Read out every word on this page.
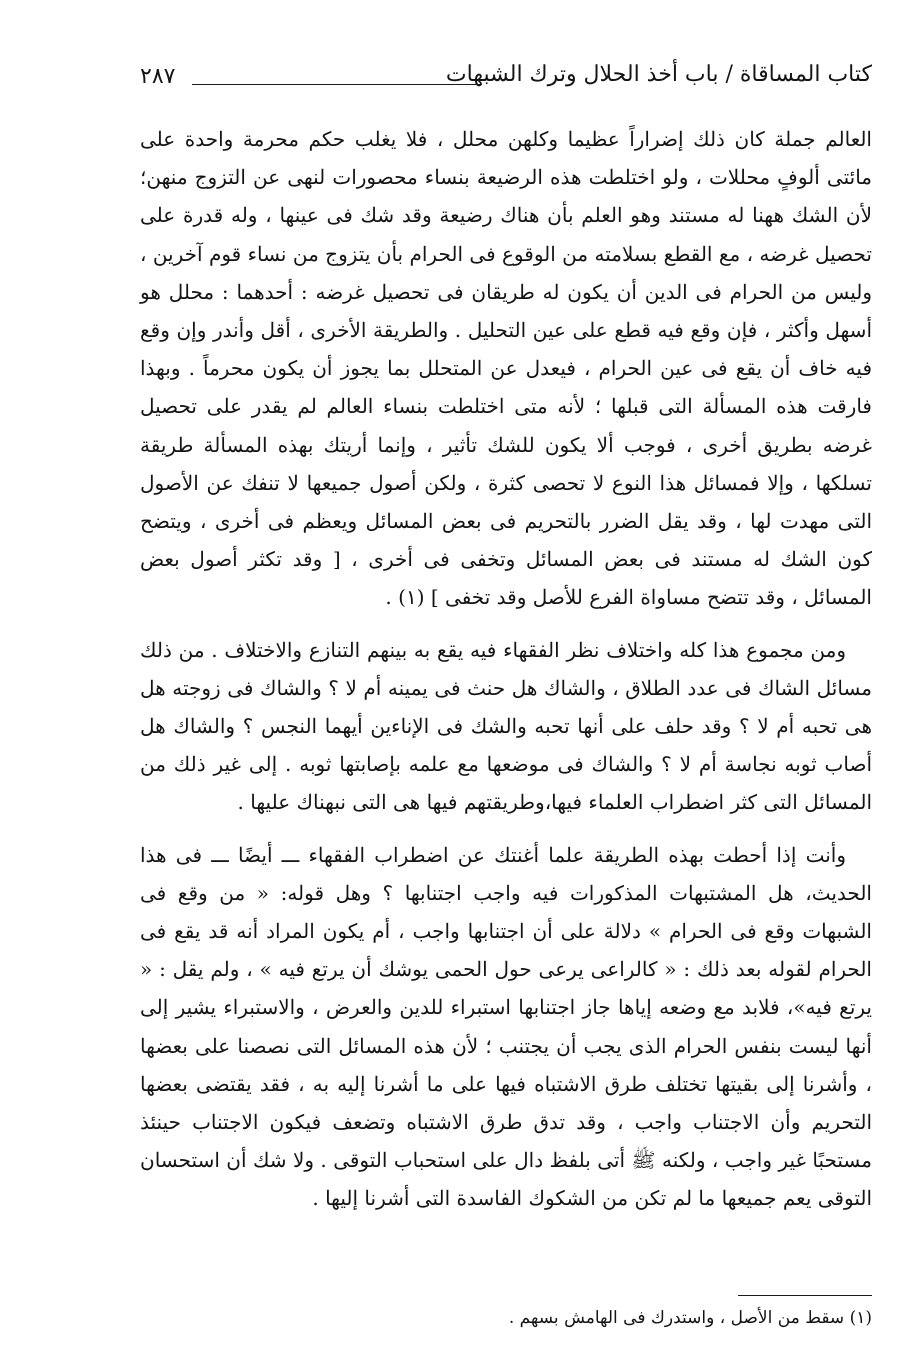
كتاب المساقاة / باب أخذ الحلال وترك الشبهات
٢٨٧

العالم جملة كان ذلك إضراراً عظيما وكلهن محلل ، فلا يغلب حكم محرمة واحدة على مائتى ألوفٍ محللات ، ولو اختلطت هذه الرضيعة بنساء محصورات لنهى عن التزوج منهن؛ لأن الشك ههنا له مستند وهو العلم بأن هناك رضيعة وقد شك فى عينها ، وله قدرة على تحصيل غرضه ، مع القطع بسلامته من الوقوع فى الحرام بأن يتزوج من نساء قوم آخرين ، وليس من الحرام فى الدين أن يكون له طريقان فى تحصيل غرضه : أحدهما : محلل هو أسهل وأكثر ، فإن وقع فيه قطع على عين التحليل . والطريقة الأخرى ، أقل وأندر وإن وقع فيه خاف أن يقع فى عين الحرام ، فيعدل عن المتحلل بما يجوز أن يكون محرماً . وبهذا فارقت هذه المسألة التى قبلها ؛ لأنه متى اختلطت بنساء العالم لم يقدر على تحصيل غرضه بطريق أخرى ، فوجب ألا يكون للشك تأثير ، وإنما أريتك بهذه المسألة طريقة تسلكها ، وإلا فمسائل هذا النوع لا تحصى كثرة ، ولكن أصول جميعها لا تنفك عن الأصول التى مهدت لها ، وقد يقل الضرر بالتحريم فى بعض المسائل ويعظم فى أخرى ، ويتضح كون الشك له مستند فى بعض المسائل وتخفى فى أخرى ، [ وقد تكثر أصول بعض المسائل ، وقد تتضح مساواة الفرع للأصل وقد تخفى ] (١) .

ومن مجموع هذا كله واختلاف نظر الفقهاء فيه يقع به بينهم التنازع والاختلاف . من ذلك مسائل الشاك فى عدد الطلاق ، والشاك هل حنث فى يمينه أم لا ؟ والشاك فى زوجته هل هى تحبه أم لا ؟ وقد حلف على أنها تحبه والشك فى الإناءين أيهما النجس ؟ والشاك هل أصاب ثوبه نجاسة أم لا ؟ والشاك فى موضعها مع علمه بإصابتها ثوبه . إلى غير ذلك من المسائل التى كثر اضطراب العلماء فيها،وطريقتهم فيها هى التى نبهناك عليها .

وأنت إذا أحطت بهذه الطريقة علما أغنتك عن اضطراب الفقهاء ـــ أيضًا ـــ فى هذا الحديث، هل المشتبهات المذكورات فيه واجب اجتنابها ؟ وهل قوله: « من وقع فى الشبهات وقع فى الحرام » دلالة على أن اجتنابها واجب ، أم يكون المراد أنه قد يقع فى الحرام لقوله بعد ذلك : « كالراعى يرعى حول الحمى يوشك أن يرتع فيه » ، ولم يقل : « يرتع فيه»، فلابد مع وضعه إياها جاز اجتنابها استبراء للدين والعرض ، والاستبراء يشير إلى أنها ليست بنفس الحرام الذى يجب أن يجتنب ؛ لأن هذه المسائل التى نصصنا على بعضها ، وأشرنا إلى بقيتها تختلف طرق الاشتباه فيها على ما أشرنا إليه به ، فقد يقتضى بعضها التحريم وأن الاجتناب واجب ، وقد تدق طرق الاشتباه وتضعف فيكون الاجتناب حينئذ مستحبًا غير واجب ، ولكنه ﷺ أتى بلفظ دال على استحباب التوقى . ولا شك أن استحسان التوقى يعم جميعها ما لم تكن من الشكوك الفاسدة التى أشرنا إليها .

(١) سقط من الأصل ، واستدرك فى الهامش بسهم .
